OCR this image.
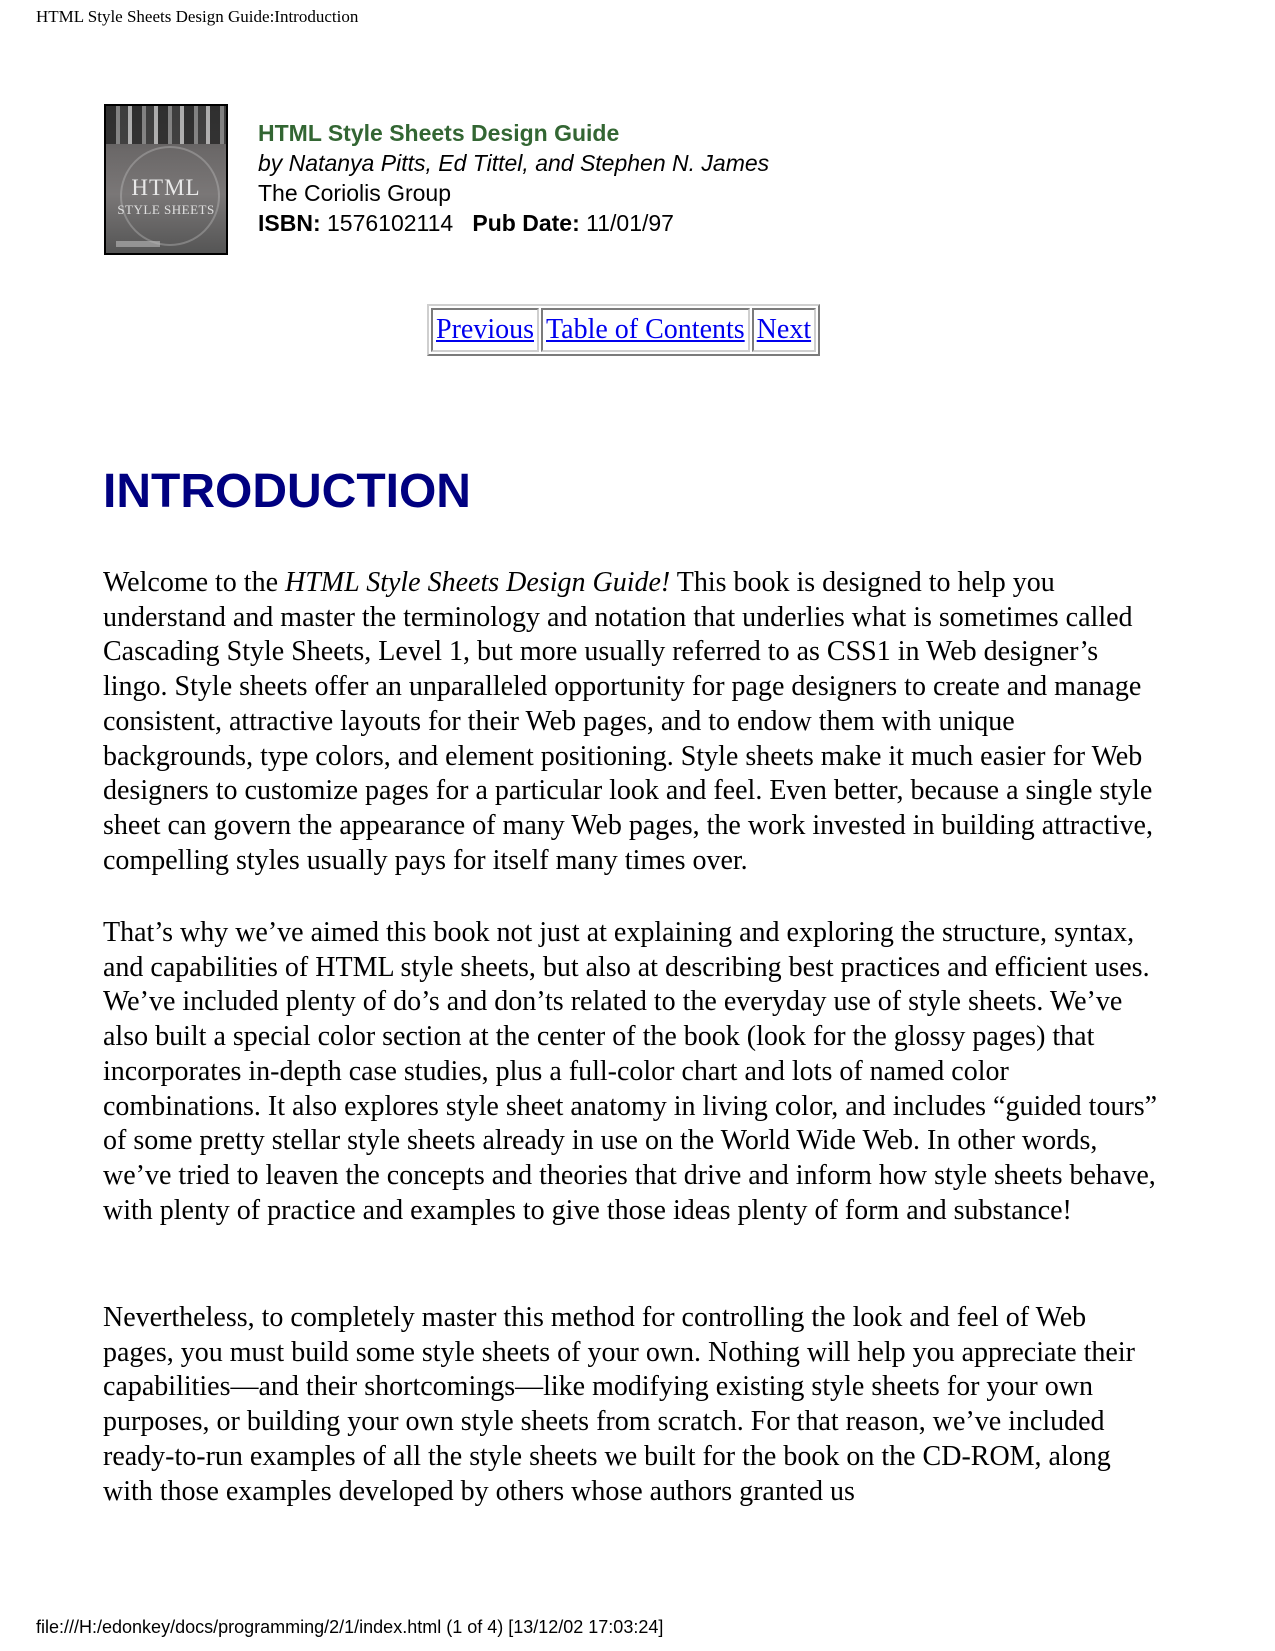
HTML Style Sheets Design Guide:Introduction
HTML
STYLE SHEETS
HTML Style Sheets Design Guide
by Natanya Pitts, Ed Tittel, and Stephen N. James
The Coriolis Group
ISBN: 1576102114 Pub Date: 11/01/97
Previous Table of Contents Next
INTRODUCTION

Welcome to the HTML Style Sheets Design Guide! This book is designed to help you understand and master the terminology and notation that underlies what is sometimes called Cascading Style Sheets, Level 1, but more usually referred to as CSS1 in Web designer’s lingo. Style sheets offer an unparalleled opportunity for page designers to create and manage consistent, attractive layouts for their Web pages, and to endow them with unique backgrounds, type colors, and element positioning. Style sheets make it much easier for Web designers to customize pages for a particular look and feel. Even better, because a single style sheet can govern the appearance of many Web pages, the work invested in building attractive, compelling styles usually pays for itself many times over.

That’s why we’ve aimed this book not just at explaining and exploring the structure, syntax, and capabilities of HTML style sheets, but also at describing best practices and efficient uses. We’ve included plenty of do’s and don’ts related to the everyday use of style sheets. We’ve also built a special color section at the center of the book (look for the glossy pages) that incorporates in-depth case studies, plus a full-color chart and lots of named color combinations. It also explores style sheet anatomy in living color, and includes “guided tours” of some pretty stellar style sheets already in use on the World Wide Web. In other words, we’ve tried to leaven the concepts and theories that drive and inform how style sheets behave, with plenty of practice and examples to give those ideas plenty of form and substance!

Nevertheless, to completely master this method for controlling the look and feel of Web pages, you must build some style sheets of your own. Nothing will help you appreciate their capabilities—and their shortcomings—like modifying existing style sheets for your own purposes, or building your own style sheets from scratch. For that reason, we’ve included ready-to-run examples of all the style sheets we built for the book on the CD-ROM, along with those examples developed by others whose authors granted us

file:///H:/edonkey/docs/programming/2/1/index.html (1 of 4) [13/12/02 17:03:24]
